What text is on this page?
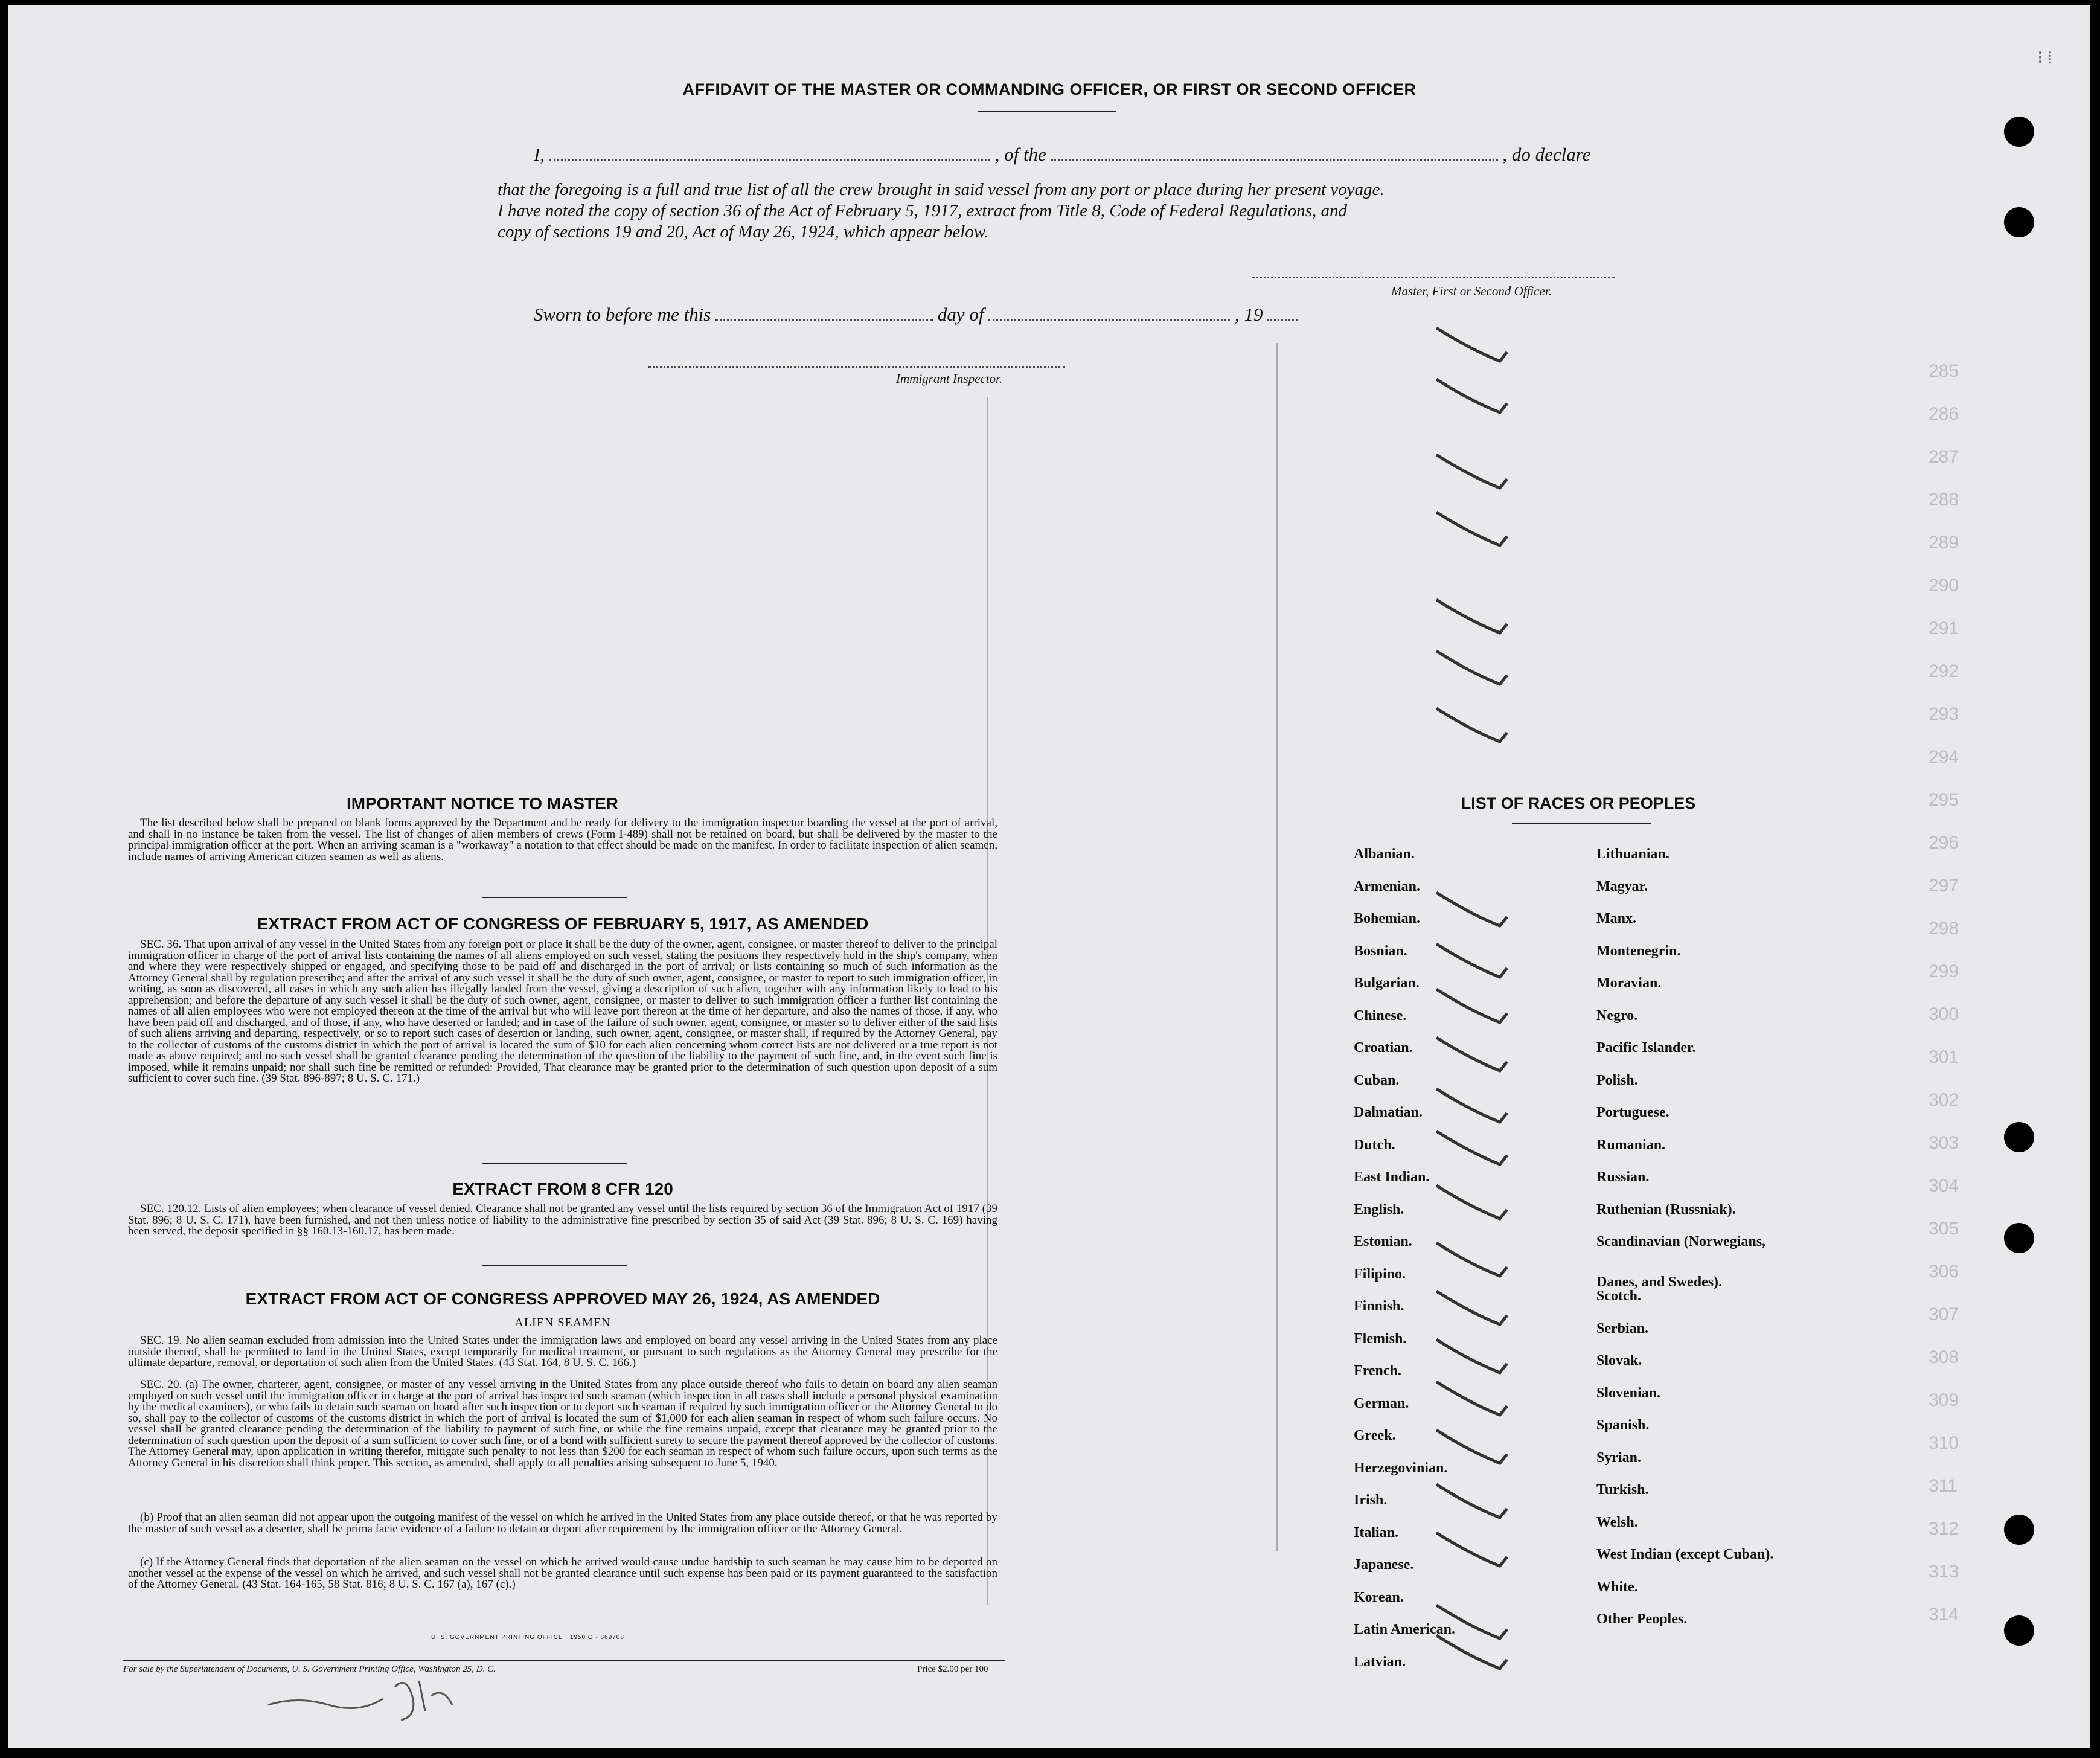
285
286
287
288
289
290
291
292
293
294
295
296
297
298
299
300
301
302
303
304
305
306
307
308
309
310
311
312
313
314
AFFIDAVIT OF THE MASTER OR COMMANDING OFFICER, OR FIRST OR SECOND OFFICER
I,	, of the	, do declare
that the foregoing is a full and true list of all the crew brought in said vessel from any port or place during her present voyage.
I have noted the copy of section 36 of the Act of February 5, 1917, extract from Title 8, Code of Federal Regulations, and
copy of sections 19 and 20, Act of May 26, 1924, which appear below.
Master, First or Second Officer.
Sworn to before me this	day of	, 19
Immigrant Inspector.
IMPORTANT NOTICE TO MASTER
The list described below shall be prepared on blank forms approved by the Department and be ready for delivery to the immigration inspector boarding the vessel at the port of arrival, and shall in no instance be taken from the vessel. The list of changes of alien members of crews (Form I-489) shall not be retained on board, but shall be delivered by the master to the principal immigration officer at the port. When an arriving seaman is a "workaway" a notation to that effect should be made on the manifest. In order to facilitate inspection of alien seamen, include names of arriving American citizen seamen as well as aliens.
EXTRACT FROM ACT OF CONGRESS OF FEBRUARY 5, 1917, AS AMENDED
SEC. 36. That upon arrival of any vessel in the United States from any foreign port or place it shall be the duty of the owner, agent, consignee, or master thereof to deliver to the principal immigration officer in charge of the port of arrival lists containing the names of all aliens employed on such vessel, stating the positions they respectively hold in the ship's company, when and where they were respectively shipped or engaged, and specifying those to be paid off and discharged in the port of arrival; or lists containing so much of such information as the Attorney General shall by regulation prescribe; and after the arrival of any such vessel it shall be the duty of such owner, agent, consignee, or master to report to such immigration officer, in writing, as soon as discovered, all cases in which any such alien has illegally landed from the vessel, giving a description of such alien, together with any information likely to lead to his apprehension; and before the departure of any such vessel it shall be the duty of such owner, agent, consignee, or master to deliver to such immigration officer a further list containing the names of all alien employees who were not employed thereon at the time of the arrival but who will leave port thereon at the time of her departure, and also the names of those, if any, who have been paid off and discharged, and of those, if any, who have deserted or landed; and in case of the failure of such owner, agent, consignee, or master so to deliver either of the said lists of such aliens arriving and departing, respectively, or so to report such cases of desertion or landing, such owner, agent, consignee, or master shall, if required by the Attorney General, pay to the collector of customs of the customs district in which the port of arrival is located the sum of $10 for each alien concerning whom correct lists are not delivered or a true report is not made as above required; and no such vessel shall be granted clearance pending the determination of the question of the liability to the payment of such fine, and, in the event such fine is imposed, while it remains unpaid; nor shall such fine be remitted or refunded: Provided, That clearance may be granted prior to the determination of such question upon deposit of a sum sufficient to cover such fine. (39 Stat. 896-897; 8 U. S. C. 171.)
EXTRACT FROM 8 CFR 120
SEC. 120.12. Lists of alien employees; when clearance of vessel denied. Clearance shall not be granted any vessel until the lists required by section 36 of the Immigration Act of 1917 (39 Stat. 896; 8 U. S. C. 171), have been furnished, and not then unless notice of liability to the administrative fine prescribed by section 35 of said Act (39 Stat. 896; 8 U. S. C. 169) having been served, the deposit specified in §§ 160.13-160.17, has been made.
EXTRACT FROM ACT OF CONGRESS APPROVED MAY 26, 1924, AS AMENDED
ALIEN SEAMEN
SEC. 19. No alien seaman excluded from admission into the United States under the immigration laws and employed on board any vessel arriving in the United States from any place outside thereof, shall be permitted to land in the United States, except temporarily for medical treatment, or pursuant to such regulations as the Attorney General may prescribe for the ultimate departure, removal, or deportation of such alien from the United States. (43 Stat. 164, 8 U. S. C. 166.)
SEC. 20. (a) The owner, charterer, agent, consignee, or master of any vessel arriving in the United States from any place outside thereof who fails to detain on board any alien seaman employed on such vessel until the immigration officer in charge at the port of arrival has inspected such seaman (which inspection in all cases shall include a personal physical examination by the medical examiners), or who fails to detain such seaman on board after such inspection or to deport such seaman if required by such immigration officer or the Attorney General to do so, shall pay to the collector of customs of the customs district in which the port of arrival is located the sum of $1,000 for each alien seaman in respect of whom such failure occurs. No vessel shall be granted clearance pending the determination of the liability to payment of such fine, or while the fine remains unpaid, except that clearance may be granted prior to the determination of such question upon the deposit of a sum sufficient to cover such fine, or of a bond with sufficient surety to secure the payment thereof approved by the collector of customs. The Attorney General may, upon application in writing therefor, mitigate such penalty to not less than $200 for each seaman in respect of whom such failure occurs, upon such terms as the Attorney General in his discretion shall think proper. This section, as amended, shall apply to all penalties arising subsequent to June 5, 1940.
(b) Proof that an alien seaman did not appear upon the outgoing manifest of the vessel on which he arrived in the United States from any place outside thereof, or that he was reported by the master of such vessel as a deserter, shall be prima facie evidence of a failure to detain or deport after requirement by the immigration officer or the Attorney General.
(c) If the Attorney General finds that deportation of the alien seaman on the vessel on which he arrived would cause undue hardship to such seaman he may cause him to be deported on another vessel at the expense of the vessel on which he arrived, and such vessel shall not be granted clearance until such expense has been paid or its payment guaranteed to the satisfaction of the Attorney General. (43 Stat. 164-165, 58 Stat. 816; 8 U. S. C. 167 (a), 167 (c).)
U. S. GOVERNMENT PRINTING OFFICE : 1950 O - 869708
For sale by the Superintendent of Documents, U. S. Government Printing Office, Washington 25, D. C.	Price $2.00 per 100
LIST OF RACES OR PEOPLES
Albanian.
Armenian.
Bohemian.
Bosnian.
Bulgarian.
Chinese.
Croatian.
Cuban.
Dalmatian.
Dutch.
East Indian.
English.
Estonian.
Filipino.
Finnish.
Flemish.
French.
German.
Greek.
Herzegovinian.
Irish.
Italian.
Japanese.
Korean.
Latin American.
Latvian.
Lithuanian.
Magyar.
Manx.
Montenegrin.
Moravian.
Negro.
Pacific Islander.
Polish.
Portuguese.
Rumanian.
Russian.
Ruthenian (Russniak).
Scandinavian (Norwegians,
Danes, and Swedes).
Scotch.
Serbian.
Slovak.
Slovenian.
Spanish.
Syrian.
Turkish.
Welsh.
West Indian (except Cuban).
White.
Other Peoples.
⁝ ⁞
